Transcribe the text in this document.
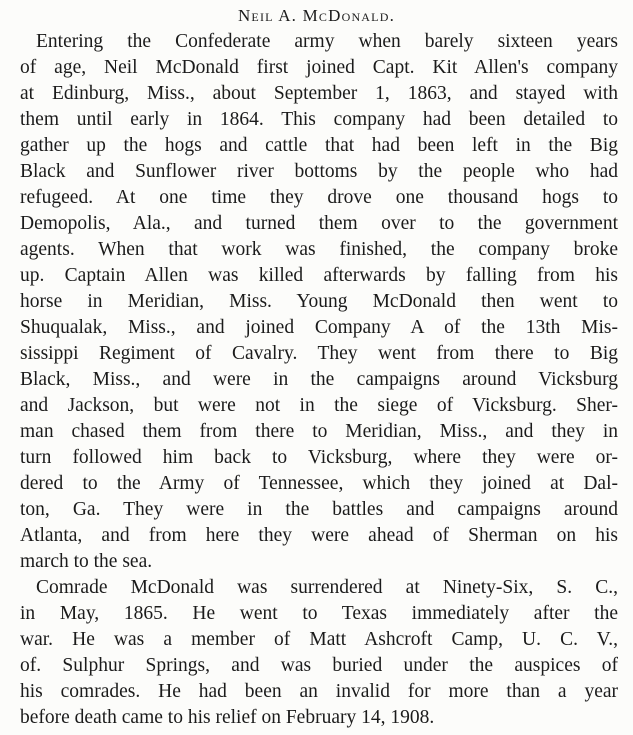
Neil A. McDonald.
Entering the Confederate army when barely sixteen years
of age, Neil McDonald first joined Capt. Kit Allen's company
at Edinburg, Miss., about September 1, 1863, and stayed with
them until early in 1864. This company had been detailed to
gather up the hogs and cattle that had been left in the Big
Black and Sunflower river bottoms by the people who had
refugeed. At one time they drove one thousand hogs to
Demopolis, Ala., and turned them over to the government
agents. When that work was finished, the company broke
up. Captain Allen was killed afterwards by falling from his
horse in Meridian, Miss. Young McDonald then went to
Shuqualak, Miss., and joined Company A of the 13th Mis-
sissippi Regiment of Cavalry. They went from there to Big
Black, Miss., and were in the campaigns around Vicksburg
and Jackson, but were not in the siege of Vicksburg. Sher-
man chased them from there to Meridian, Miss., and they in
turn followed him back to Vicksburg, where they were or-
dered to the Army of Tennessee, which they joined at Dal-
ton, Ga. They were in the battles and campaigns around
Atlanta, and from here they were ahead of Sherman on his
march to the sea.
Comrade McDonald was surrendered at Ninety-Six, S. C.,
in May, 1865. He went to Texas immediately after the
war. He was a member of Matt Ashcroft Camp, U. C. V.,
of. Sulphur Springs, and was buried under the auspices of
his comrades. He had been an invalid for more than a year
before death came to his relief on February 14, 1908.
